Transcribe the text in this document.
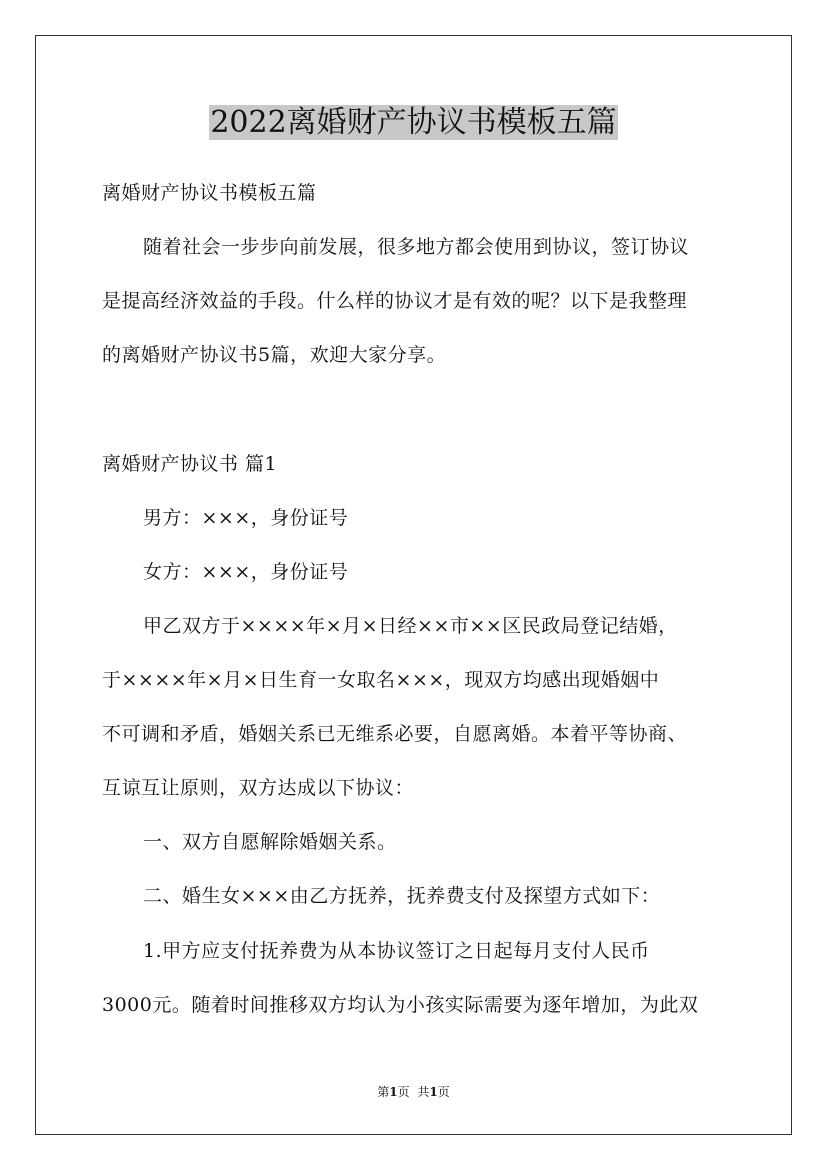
2022离婚财产协议书模板五篇
离婚财产协议书模板五篇
随着社会一步步向前发展，很多地方都会使用到协议，签订协议
是提高经济效益的手段。什么样的协议才是有效的呢？以下是我整理
的离婚财产协议书5篇，欢迎大家分享。
离婚财产协议书 篇1
男方：×××，身份证号
女方：×××，身份证号
甲乙双方于××××年×月×日经××市××区民政局登记结婚，
于××××年×月×日生育一女取名×××，现双方均感出现婚姻中
不可调和矛盾，婚姻关系已无维系必要，自愿离婚。本着平等协商、
互谅互让原则，双方达成以下协议：
一、双方自愿解除婚姻关系。
二、婚生女×××由乙方抚养，抚养费支付及探望方式如下：
1.甲方应支付抚养费为从本协议签订之日起每月支付人民币
3000元。随着时间推移双方均认为小孩实际需要为逐年增加，为此双
第1页 共1页
